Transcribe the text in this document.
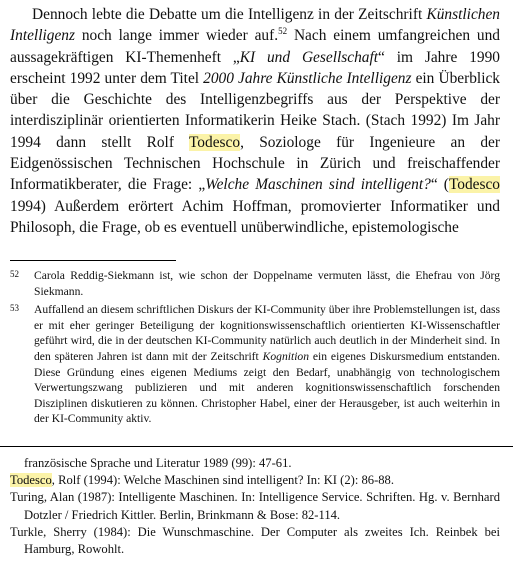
Dennoch lebte die Debatte um die Intelligenz in der Zeitschrift Künstlichen Intelligenz noch lange immer wieder auf.$^{52}$ Nach einem umfangreichen und aussagekräftigen KI-Themenheft „KI und Gesellschaft“ im Jahre 1990 erscheint 1992 unter dem Titel 2000 Jahre Künstliche Intelligenz ein Überblick über die Geschichte des Intelligenzbegriffs aus der Perspektive der interdisziplinär orientierten Informatikerin Heike Stach. (Stach 1992) Im Jahr 1994 dann stellt Rolf Todesco, Soziologe für Ingenieure an der Eidgenössischen Technischen Hochschule in Zürich und freischaffender Informatikberater, die Frage: „Welche Maschinen sind intelligent?“ (Todesco 1994) Außerdem erörtert Achim Hoffman, promovierter Informatiker und Philosoph, die Frage, ob es eventuell unüberwindliche, epistemologische

52	Carola Reddig-Siekmann ist, wie schon der Doppelname vermuten lässt, die Ehefrau von Jörg Siekmann.
53	Auffallend an diesem schriftlichen Diskurs der KI-Community über ihre Problemstellungen ist, dass er mit eher geringer Beteiligung der kognitionswissenschaftlich orientierten KI-Wissenschaftler geführt wird, die in der deutschen KI-Community natürlich auch deutlich in der Minderheit sind. In den späteren Jahren ist dann mit der Zeitschrift Kognition ein eigenes Diskursmedium entstanden. Diese Gründung eines eigenen Mediums zeigt den Bedarf, unabhängig von technologischem Verwertungszwang publizieren und mit anderen kognitionswissenschaftlich forschenden Disziplinen diskutieren zu können. Christopher Habel, einer der Herausgeber, ist auch weiterhin in der KI-Community aktiv.
französische Sprache und Literatur 1989 (99): 47-61.
Todesco, Rolf (1994): Welche Maschinen sind intelligent? In: KI (2): 86-88.
Turing, Alan (1987): Intelligente Maschinen. In: Intelligence Service. Schriften. Hg. v. Bernhard Dotzler / Friedrich Kittler. Berlin, Brinkmann & Bose: 82-114.
Turkle, Sherry (1984): Die Wunschmaschine. Der Computer als zweites Ich. Reinbek bei Hamburg, Rowohlt.
